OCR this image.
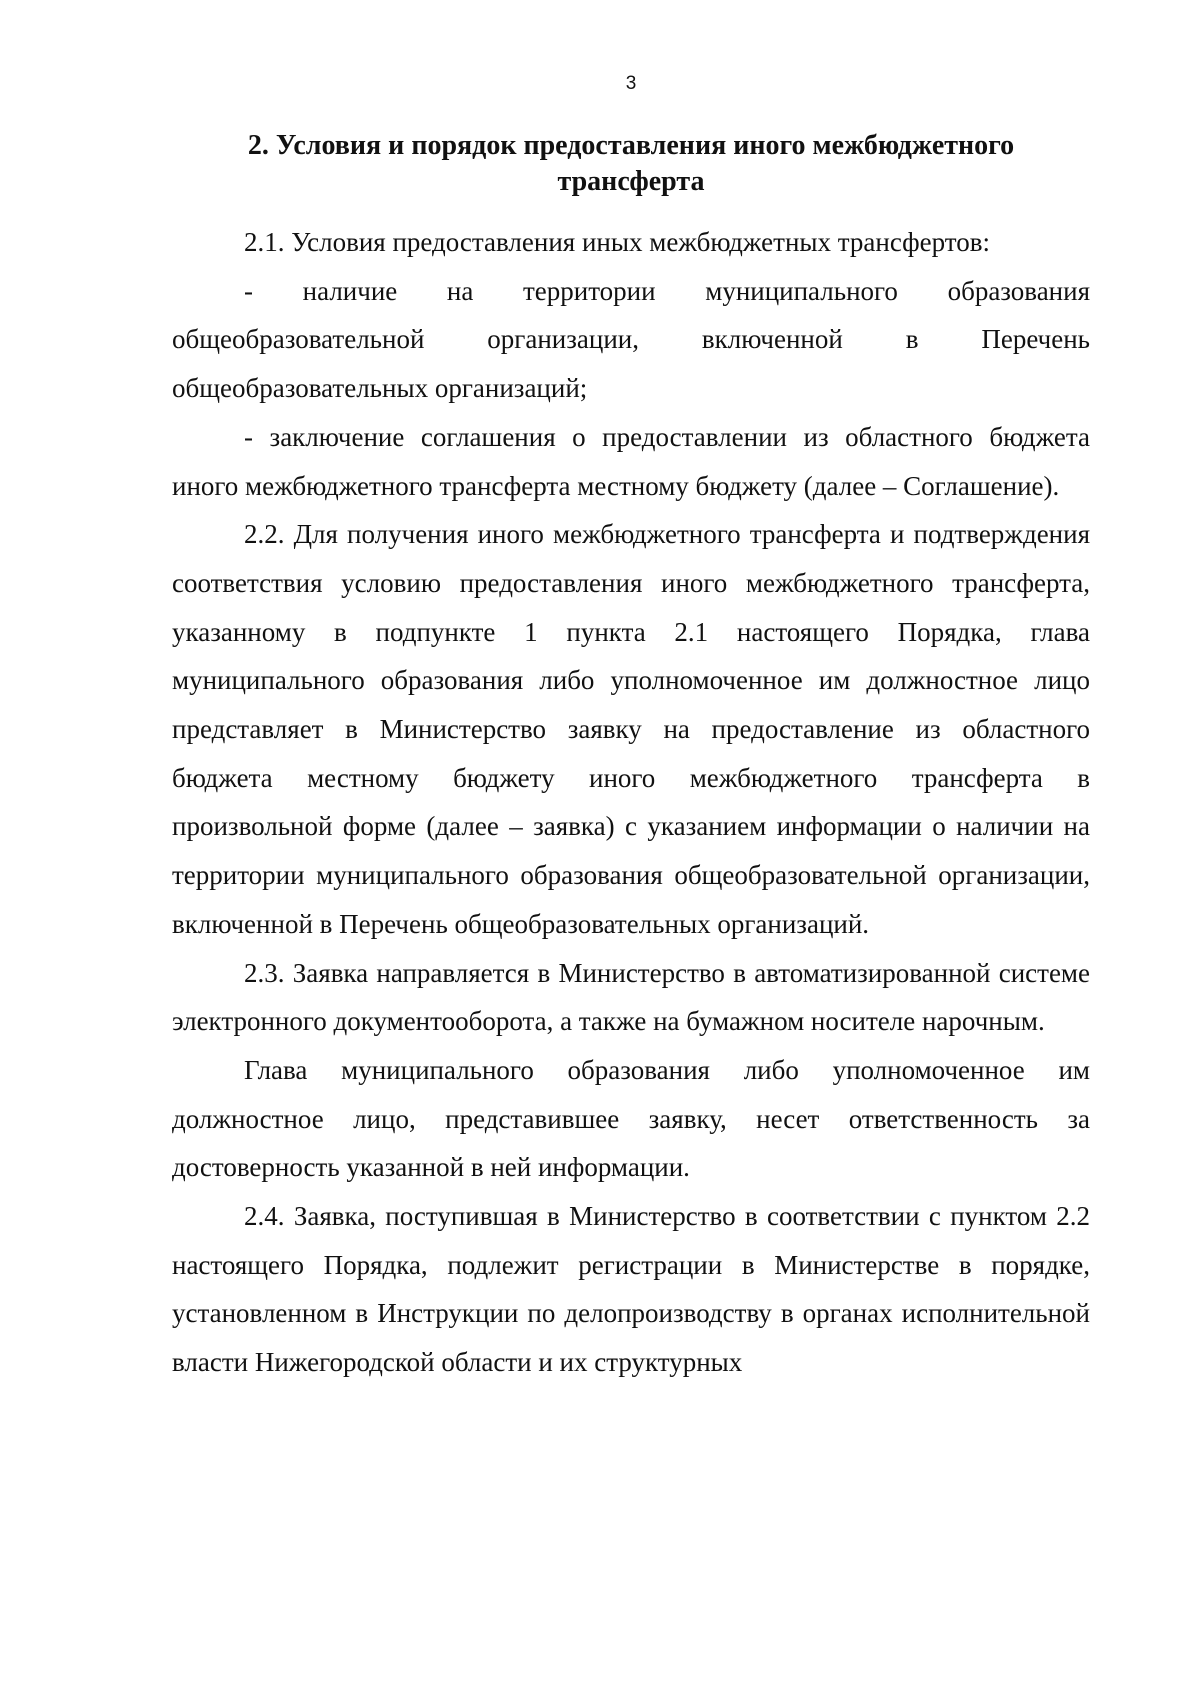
3
2. Условия и порядок предоставления иного межбюджетного
трансферта

2.1. Условия предоставления иных межбюджетных трансфертов:

- наличие на территории муниципального образования общеобразовательной организации, включенной в Перечень общеобразовательных организаций;

- заключение соглашения о предоставлении из областного бюджета иного межбюджетного трансферта местному бюджету (далее – Соглашение).

2.2. Для получения иного межбюджетного трансферта и подтверждения соответствия условию предоставления иного межбюджетного трансферта, указанному в подпункте 1 пункта 2.1 настоящего Порядка, глава муниципального образования либо уполномоченное им должностное лицо представляет в Министерство заявку на предоставление из областного бюджета местному бюджету иного межбюджетного трансферта в произвольной форме (далее – заявка) с указанием информации о наличии на территории муниципального образования общеобразовательной организации, включенной в Перечень общеобразовательных организаций.

2.3. Заявка направляется в Министерство в автоматизированной системе электронного документооборота, а также на бумажном носителе нарочным.

Глава муниципального образования либо уполномоченное им должностное лицо, представившее заявку, несет ответственность за достоверность указанной в ней информации.

2.4. Заявка, поступившая в Министерство в соответствии с пунктом 2.2 настоящего Порядка, подлежит регистрации в Министерстве в порядке, установленном в Инструкции по делопроизводству в органах исполнительной власти Нижегородской области и их структурных
